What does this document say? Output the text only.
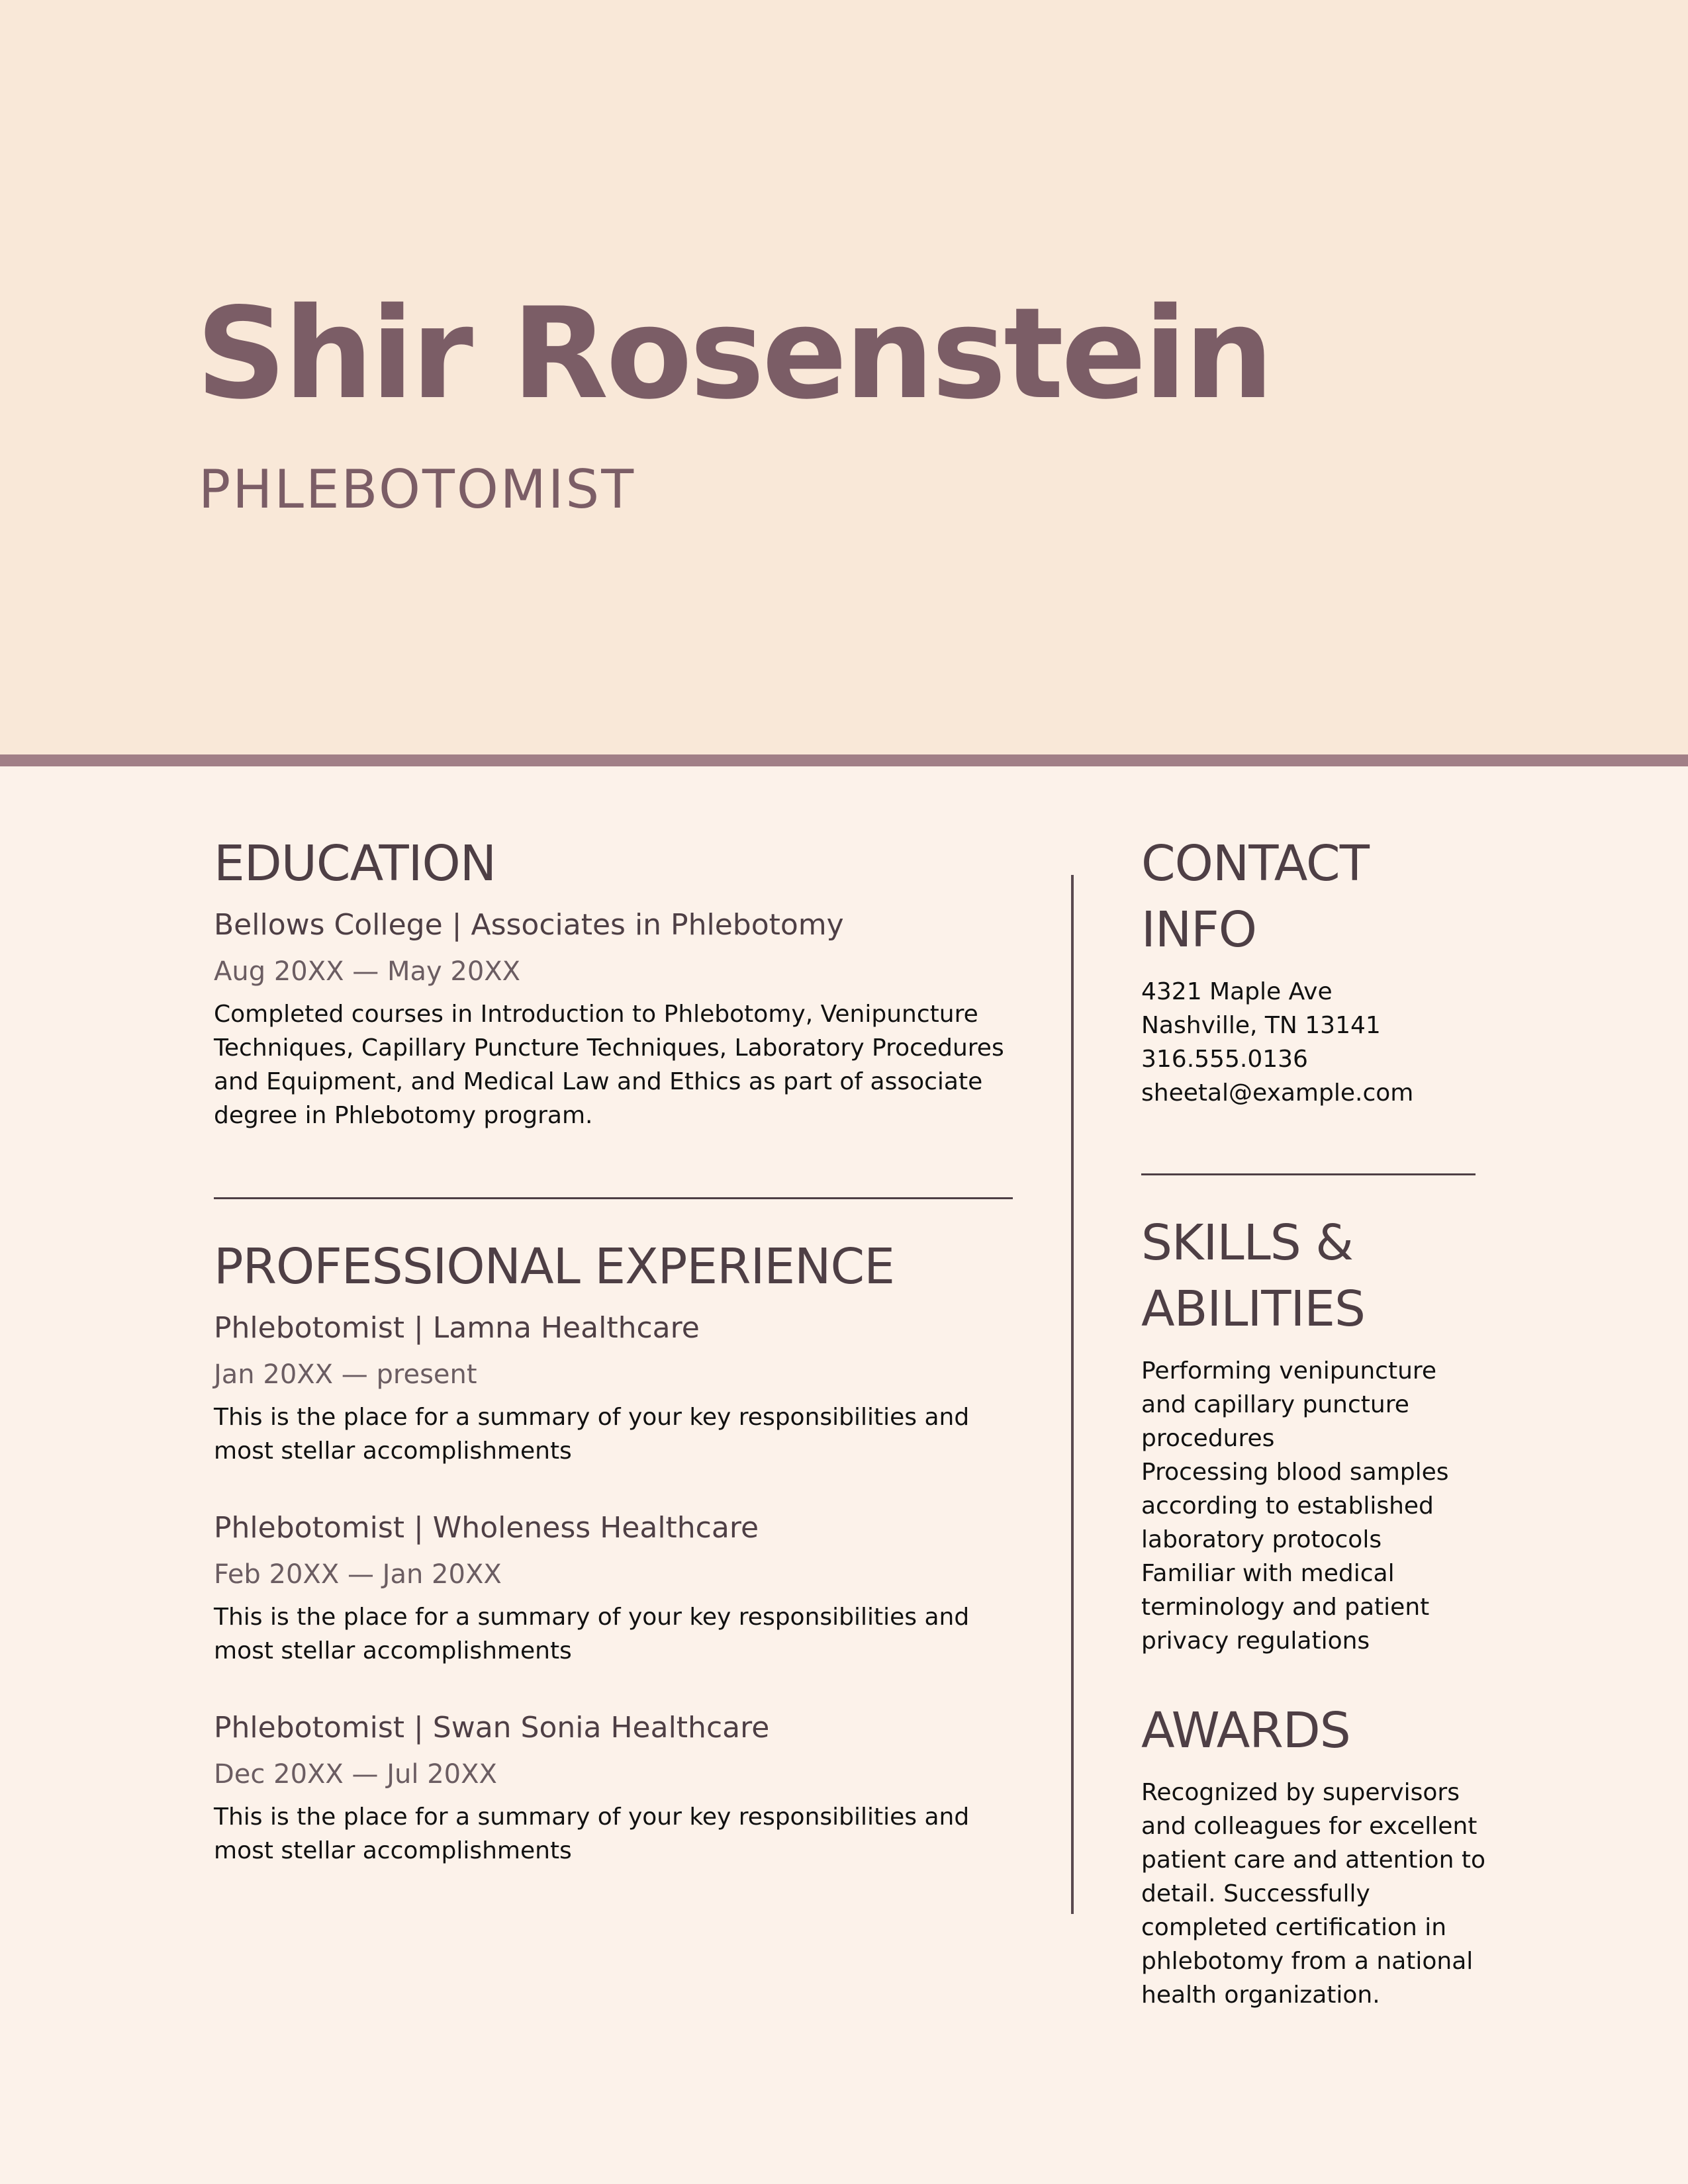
Shir Rosenstein
PHLEBOTOMIST
EDUCATION
Bellows College | Associates in Phlebotomy
Aug 20XX — May 20XX
Completed courses in Introduction to Phlebotomy, Venipuncture Techniques, Capillary Puncture Techniques, Laboratory Procedures and Equipment, and Medical Law and Ethics as part of associate degree in Phlebotomy program.
PROFESSIONAL EXPERIENCE
Phlebotomist | Lamna Healthcare
Jan 20XX — present
This is the place for a summary of your key responsibilities and most stellar accomplishments
Phlebotomist | Wholeness Healthcare
Feb 20XX — Jan 20XX
This is the place for a summary of your key responsibilities and most stellar accomplishments
Phlebotomist | Swan Sonia Healthcare
Dec 20XX — Jul 20XX
This is the place for a summary of your key responsibilities and most stellar accomplishments
CONTACT
INFO
4321 Maple Ave
Nashville, TN 13141
316.555.0136
sheetal@example.com
SKILLS &
ABILITIES
Performing venipuncture and capillary puncture procedures
Processing blood samples according to established laboratory protocols
Familiar with medical terminology and patient privacy regulations
AWARDS
Recognized by supervisors and colleagues for excellent patient care and attention to detail. Successfully completed certification in phlebotomy from a national health organization.
